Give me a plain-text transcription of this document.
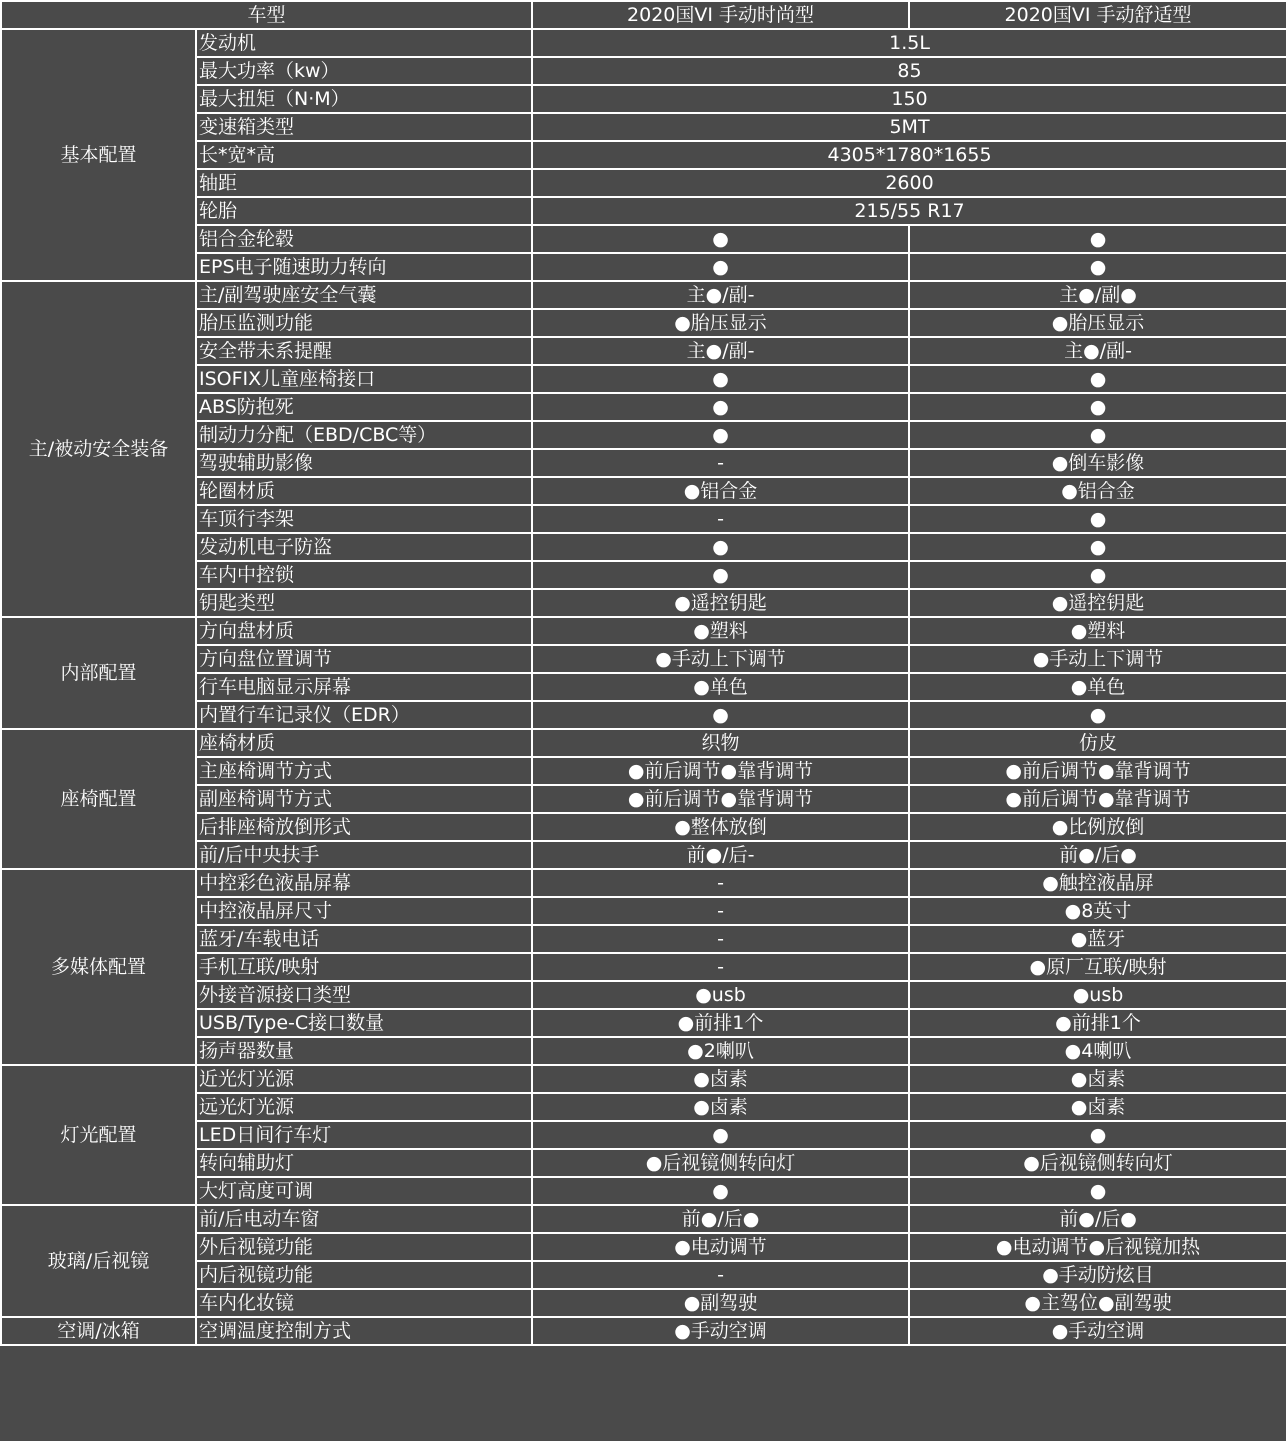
车型		2020国VI 手动时尚型	2020国VI 手动舒适型
基本配置	发动机	1.5L	
	最大功率（kw）	85	
	最大扭矩（N·M）	150	
	变速箱类型	5MT	
	长*宽*高	4305*1780*1655	
	轴距	2600	
	轮胎	215/55 R17	
	铝合金轮毂	●	●
	EPS电子随速助力转向	●	●
主/被动安全装备	主/副驾驶座安全气囊	主●/副-	主●/副●
	胎压监测功能	●胎压显示	●胎压显示
	安全带未系提醒	主●/副-	主●/副-
	ISOFIX儿童座椅接口	●	●
	ABS防抱死	●	●
	制动力分配（EBD/CBC等）	●	●
	驾驶辅助影像	-	●倒车影像
	轮圈材质	●铝合金	●铝合金
	车顶行李架	-	●
	发动机电子防盗	●	●
	车内中控锁	●	●
	钥匙类型	●遥控钥匙	●遥控钥匙
内部配置	方向盘材质	●塑料	●塑料
	方向盘位置调节	●手动上下调节	●手动上下调节
	行车电脑显示屏幕	●单色	●单色
	内置行车记录仪（EDR）	●	●
座椅配置	座椅材质	织物	仿皮
	主座椅调节方式	●前后调节●靠背调节	●前后调节●靠背调节
	副座椅调节方式	●前后调节●靠背调节	●前后调节●靠背调节
	后排座椅放倒形式	●整体放倒	●比例放倒
	前/后中央扶手	前●/后-	前●/后●
多媒体配置	中控彩色液晶屏幕	-	●触控液晶屏
	中控液晶屏尺寸	-	●8英寸
	蓝牙/车载电话	-	●蓝牙
	手机互联/映射	-	●原厂互联/映射
	外接音源接口类型	●usb	●usb
	USB/Type-C接口数量	●前排1个	●前排1个
	扬声器数量	●2喇叭	●4喇叭
灯光配置	近光灯光源	●卤素	●卤素
	远光灯光源	●卤素	●卤素
	LED日间行车灯	●	●
	转向辅助灯	●后视镜侧转向灯	●后视镜侧转向灯
	大灯高度可调	●	●
玻璃/后视镜	前/后电动车窗	前●/后●	前●/后●
	外后视镜功能	●电动调节	●电动调节●后视镜加热
	内后视镜功能	-	●手动防炫目
	车内化妆镜	●副驾驶	●主驾位●副驾驶
空调/冰箱	空调温度控制方式	●手动空调	●手动空调
